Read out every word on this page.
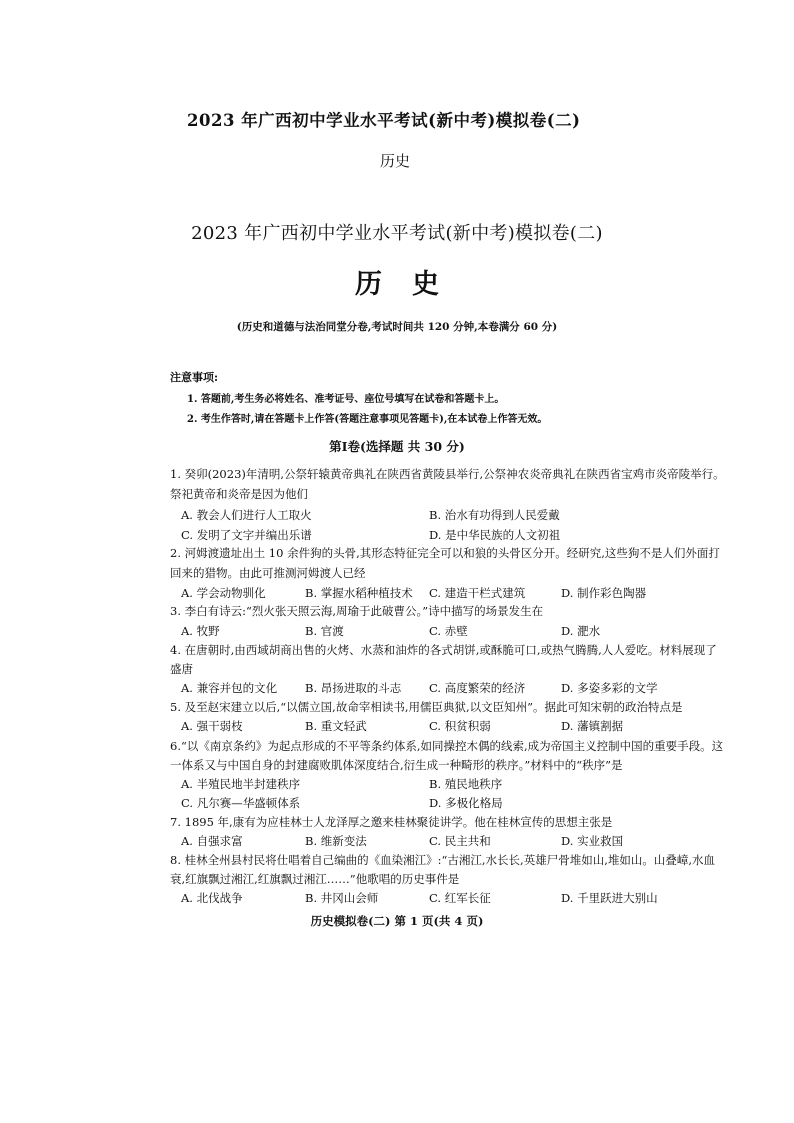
2023 年广西初中学业水平考试(新中考)模拟卷(二)
历史
2023 年广西初中学业水平考试(新中考)模拟卷(二)
历史
(历史和道德与法治同堂分卷,考试时间共 120 分钟,本卷满分 60 分)
注意事项:
1. 答题前,考生务必将姓名、准考证号、座位号填写在试卷和答题卡上。
2. 考生作答时,请在答题卡上作答(答题注意事项见答题卡),在本试卷上作答无效。
第Ⅰ卷(选择题 共 30 分)
1. 癸卯(2023)年清明,公祭轩辕黄帝典礼在陕西省黄陵县举行,公祭神农炎帝典礼在陕西省宝鸡市炎帝陵举行。
祭祀黄帝和炎帝是因为他们
A. 教会人们进行人工取火	B. 治水有功得到人民爱戴
C. 发明了文字并编出乐谱	D. 是中华民族的人文初祖
2. 河姆渡遗址出土 10 余件狗的头骨,其形态特征完全可以和狼的头骨区分开。经研究,这些狗不是人们外面打
回来的猎物。由此可推测河姆渡人已经
A. 学会动物驯化	B. 掌握水稻种植技术 C. 建造干栏式建筑	D. 制作彩色陶器
3. 李白有诗云:“烈火张天照云海,周瑜于此破曹公。”诗中描写的场景发生在
A. 牧野	B. 官渡	C. 赤壁	D. 淝水
4. 在唐朝时,由西域胡商出售的火烤、水蒸和油炸的各式胡饼,或酥脆可口,或热气腾腾,人人爱吃。材料展现了
盛唐
A. 兼容并包的文化 B. 昂扬进取的斗志 C. 高度繁荣的经济	D. 多姿多彩的文学
5. 及至赵宋建立以后,“以儒立国,故命宰相读书,用儒臣典狱,以文臣知州”。据此可知宋朝的政治特点是
A. 强干弱枝	B. 重文轻武	C. 积贫积弱	D. 藩镇割据
6.“以《南京条约》为起点形成的不平等条约体系,如同操控木偶的线索,成为帝国主义控制中国的重要手段。这
一体系又与中国自身的封建腐败肌体深度结合,衍生成一种畸形的秩序。”材料中的“秩序”是
A. 半殖民地半封建秩序	B. 殖民地秩序
C. 凡尔赛—华盛顿体系	D. 多极化格局
7. 1895 年,康有为应桂林士人龙泽厚之邀来桂林聚徒讲学。他在桂林宣传的思想主张是
A. 自强求富	B. 维新变法	C. 民主共和	D. 实业救国
8. 桂林全州县村民将仕唱着自己编曲的《血染湘江》:“古湘江,水长长,英雄尸骨堆如山,堆如山。山叠嶂,水血
衰,红旗飘过湘江,红旗飘过湘江……”他歌唱的历史事件是
A. 北伐战争	B. 井冈山会师	C. 红军长征	D. 千里跃进大别山
历史模拟卷(二) 第 1 页(共 4 页)
